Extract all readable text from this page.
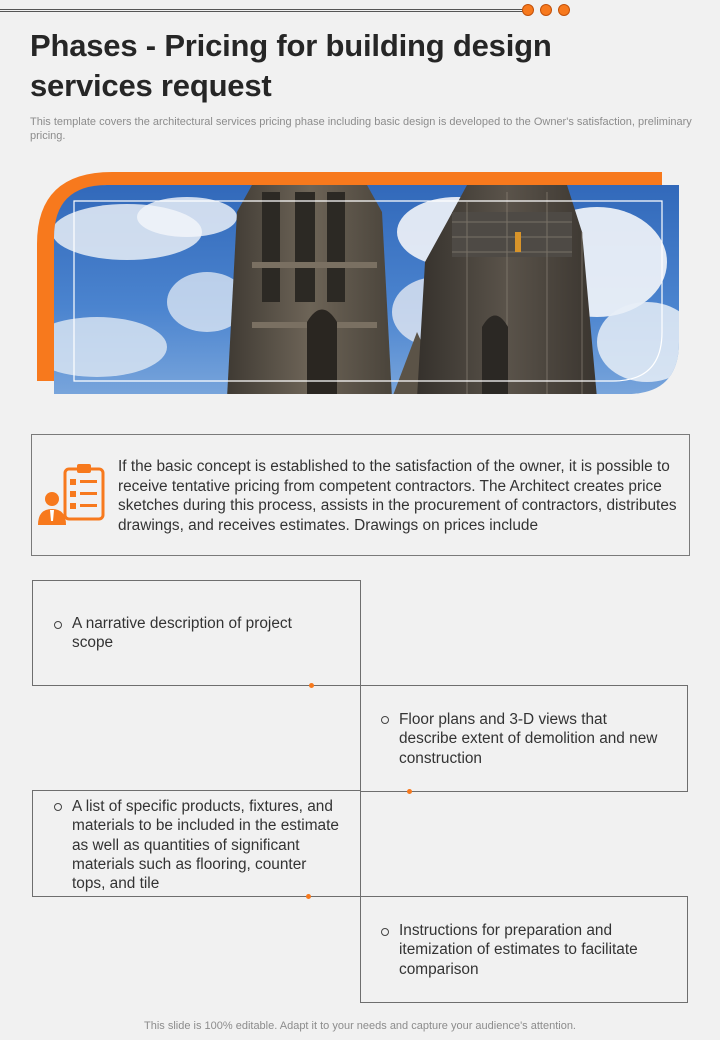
Phases - Pricing for building design services request

This template covers the architectural services pricing phase including basic design is developed to the Owner's satisfaction, preliminary pricing.

If the basic concept is established to the satisfaction of the owner, it is possible to receive tentative pricing from competent contractors. The Architect creates price sketches during this process, assists in the procurement of contractors, distributes drawings, and receives estimates. Drawings on prices include

A narrative description of project scope

Floor plans and 3-D views that describe extent of demolition and new construction

A list of specific products, fixtures, and materials to be included in the estimate as well as quantities of significant materials such as flooring, counter tops, and tile

Instructions for preparation and itemization of estimates to facilitate comparison

This slide is 100% editable. Adapt it to your needs and capture your audience's attention.
